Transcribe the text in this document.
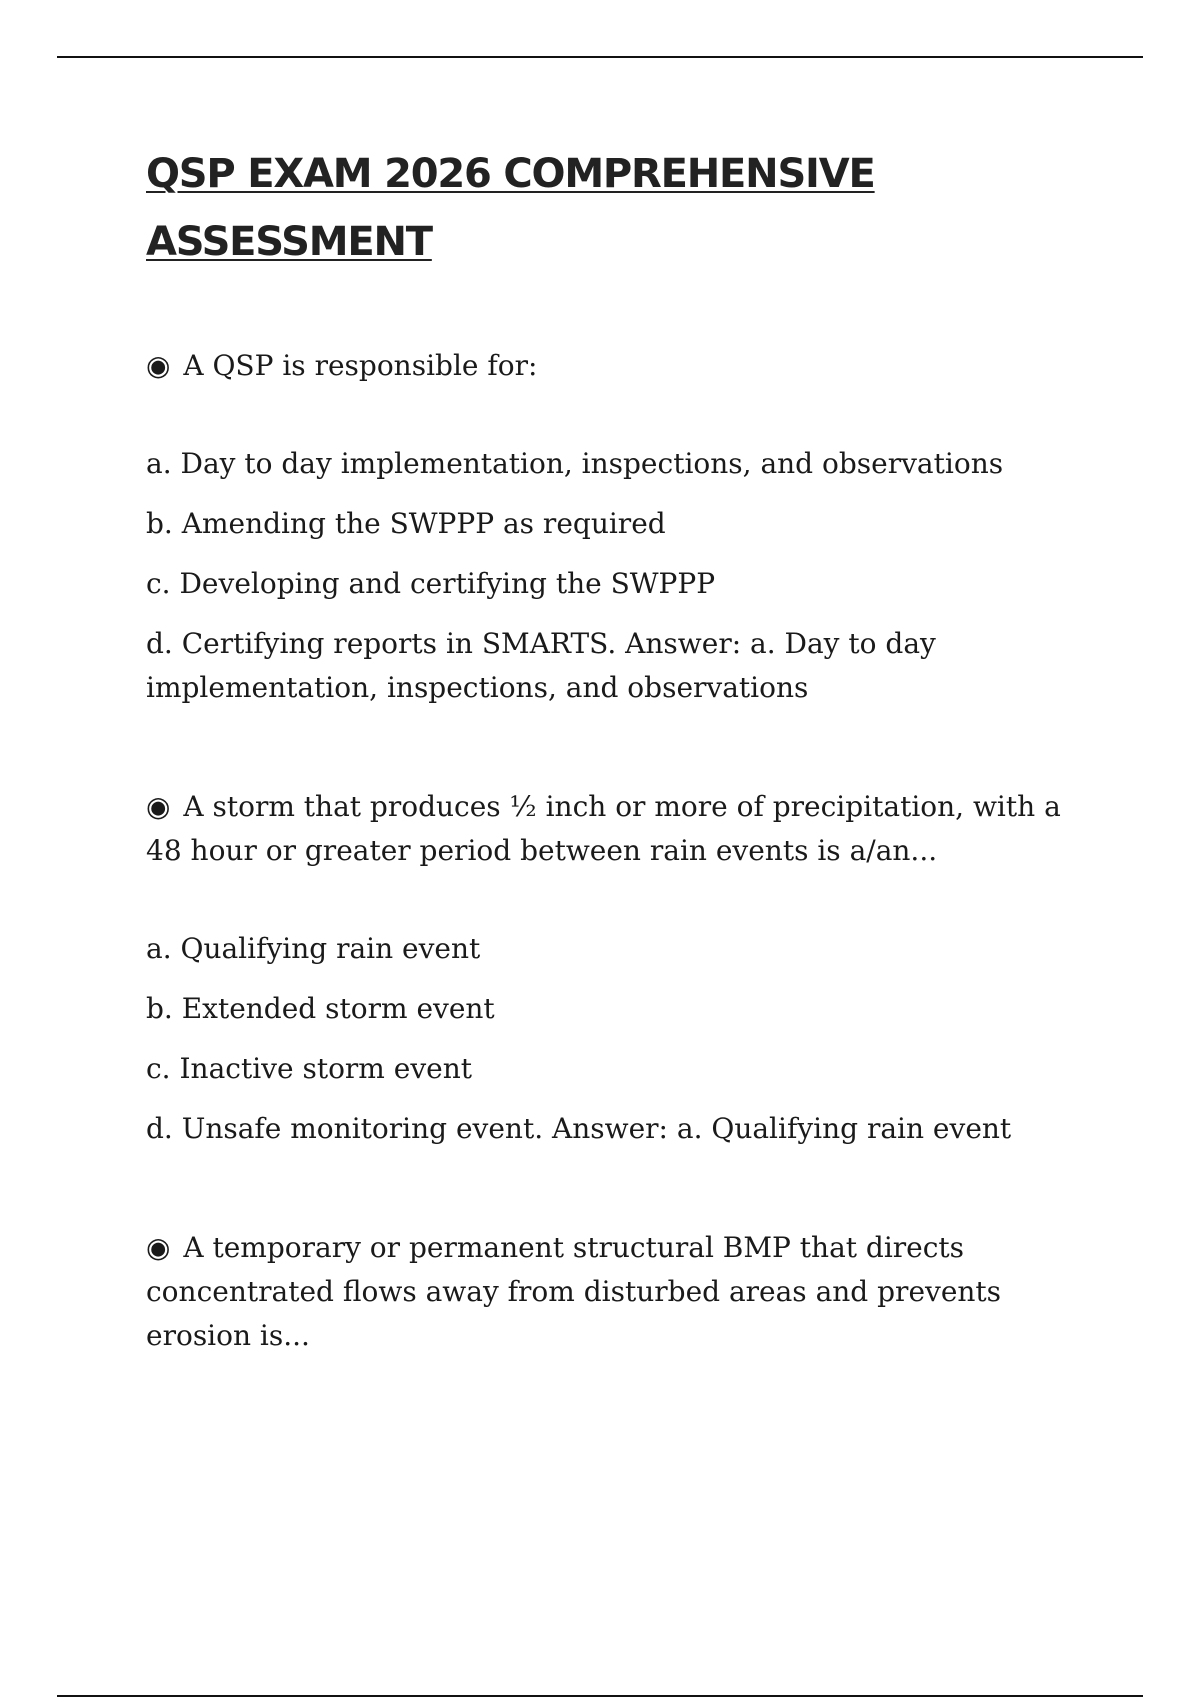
QSP EXAM 2026 COMPREHENSIVE ASSESSMENT

◉ A QSP is responsible for:

a. Day to day implementation, inspections, and observations
b. Amending the SWPPP as required
c. Developing and certifying the SWPPP
d. Certifying reports in SMARTS. Answer: a. Day to day implementation, inspections, and observations

◉ A storm that produces ½ inch or more of precipitation, with a 48 hour or greater period between rain events is a/an...

a. Qualifying rain event
b. Extended storm event
c. Inactive storm event
d. Unsafe monitoring event. Answer: a. Qualifying rain event

◉ A temporary or permanent structural BMP that directs concentrated flows away from disturbed areas and prevents erosion is...
